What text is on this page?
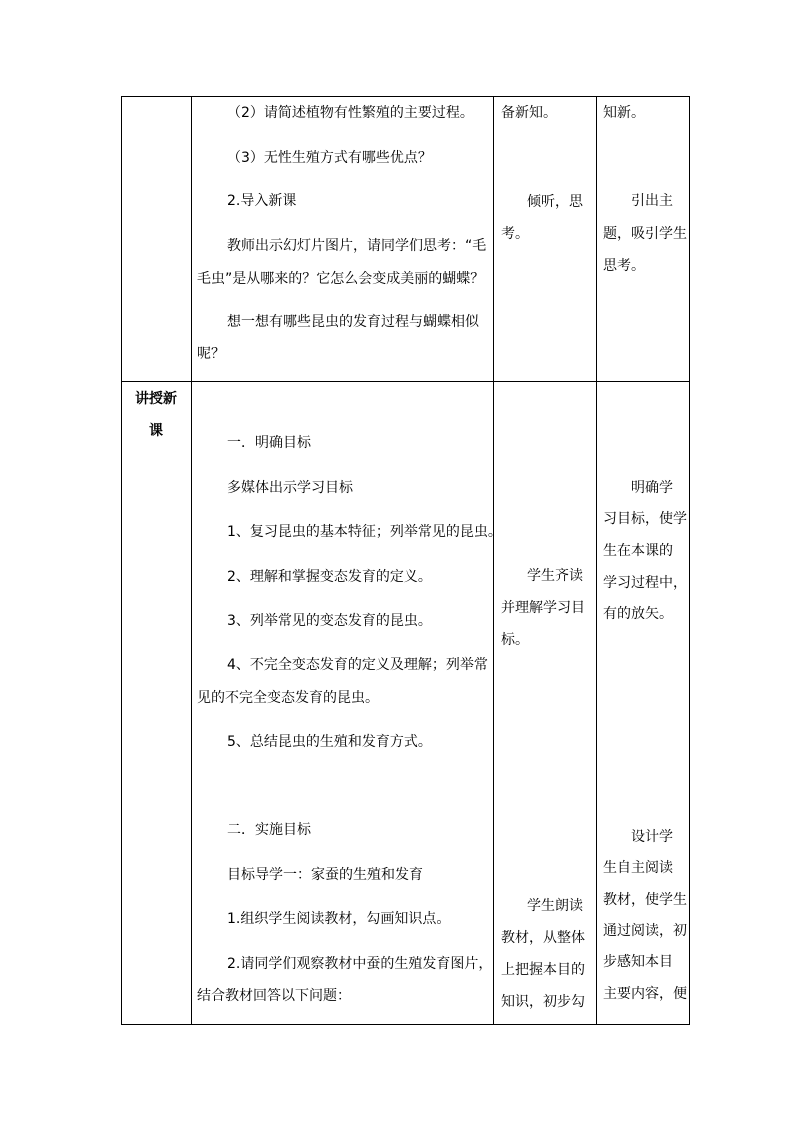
（2）请简述植物有性繁殖的主要过程。
（3）无性生殖方式有哪些优点？
2.导入新课
教师出示幻灯片图片，请同学们思考：“毛
毛虫”是从哪来的？它怎么会变成美丽的蝴蝶？
想一想有哪些昆虫的发育过程与蝴蝶相似
呢？
备新知。
倾听，思
考。
知新。
引出主
题，吸引学生
思考。
讲授新
课
一．明确目标
多媒体出示学习目标
1、复习昆虫的基本特征；列举常见的昆虫。
2、理解和掌握变态发育的定义。
3、列举常见的变态发育的昆虫。
4、不完全变态发育的定义及理解；列举常
见的不完全变态发育的昆虫。
5、总结昆虫的生殖和发育方式。
二．实施目标
目标导学一：家蚕的生殖和发育
1.组织学生阅读教材，勾画知识点。
2.请同学们观察教材中蚕的生殖发育图片，
结合教材回答以下问题：
学生齐读
并理解学习目
标。
学生朗读
教材，从整体
上把握本目的
知识，初步勾
明确学
习目标，使学
生在本课的
学习过程中，
有的放矢。
设计学
生自主阅读
教材，使学生
通过阅读，初
步感知本目
主要内容，便
